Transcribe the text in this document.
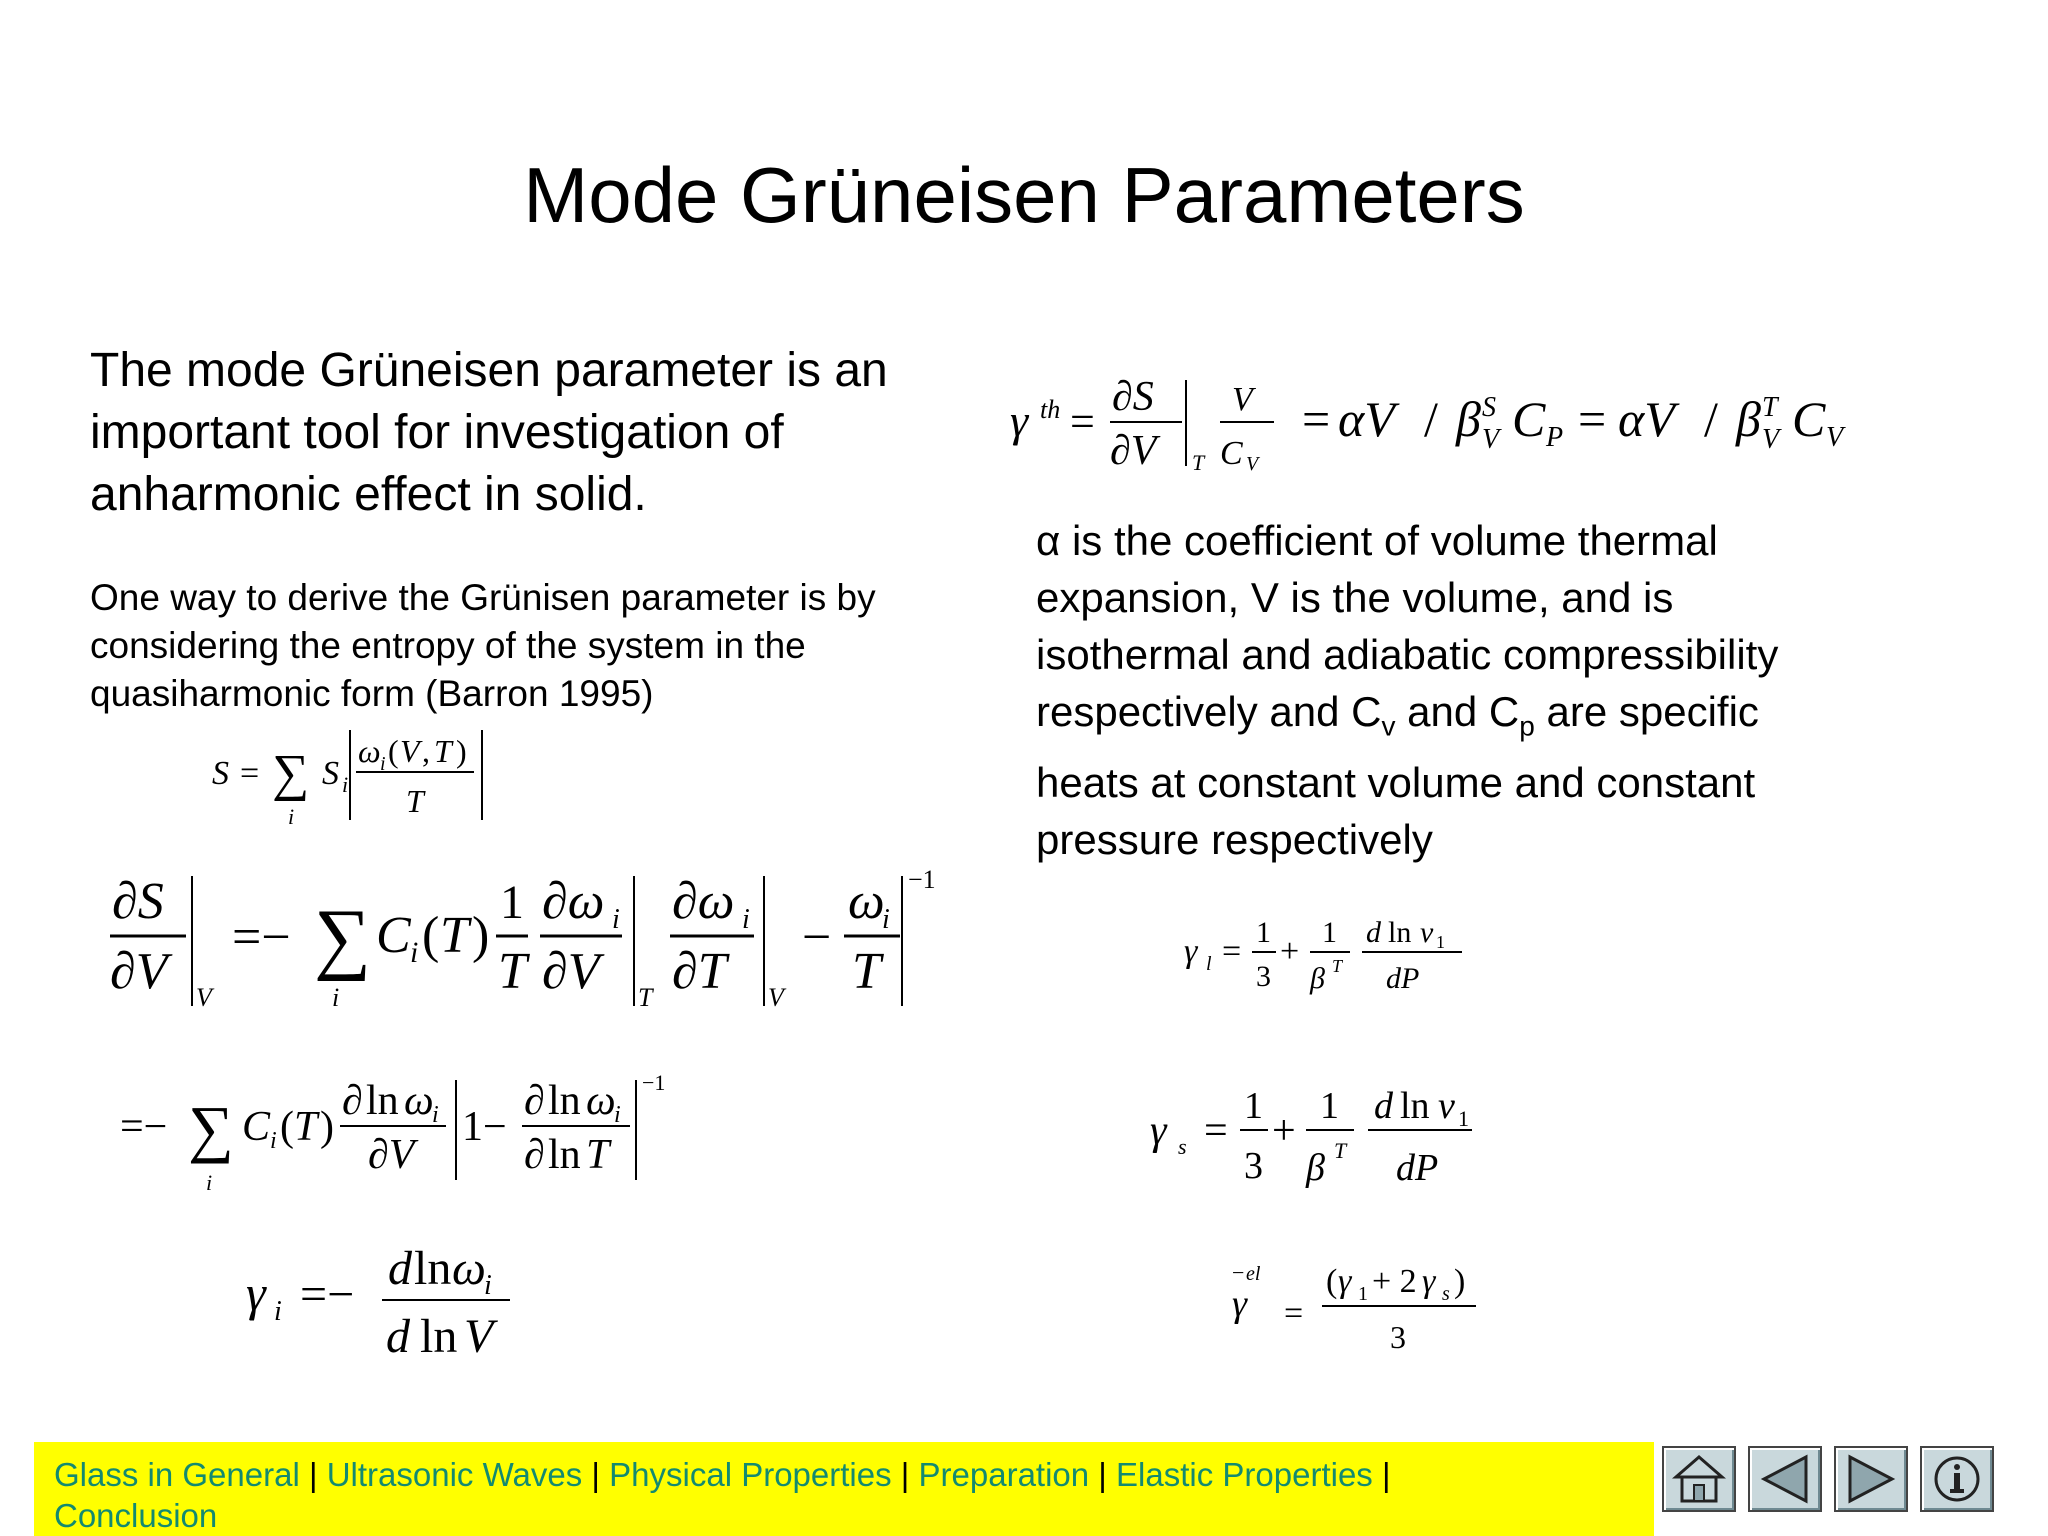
Mode Grüneisen Parameters
The mode Grüneisen parameter is an important tool for investigation of anharmonic effect in solid.
One way to derive the Grünisen parameter is by considering the entropy of the system in the quasiharmonic form (Barron 1995)
S = ∑
i
S i
ω i ( V , T )
T
∂S
∂V V
=− ∑
i
C i ( T )
1
T
∂ω i
∂V T
∂ω i
∂T V
−
ω
i
T
−1
=− ∑
i
C i ( T )
∂ ln ω
i
∂V
1−
∂ ln ω
i
∂ ln T
−1
γ i =− d ln ω
i
d ln V
γ th = ∂S
∂V T
V
C V
= αV / β S
V C P = αV / β T
V C V
α is the coefficient of volume thermal
expansion, V is the volume, and is
isothermal and adiabatic compressibility
respectively and $C_v$ and $C_p$ are specific
heats at constant volume and constant
pressure respectively
γ l =
1
3
+
1
β T
d ln v 1
dP
γ s =
1
3
+
1
β T
d ln v 1
dP
− el
γ =
( γ 1 + 2 γ s )
3
Glass in General | Ultrasonic Waves | Physical Properties | Preparation | Elastic Properties |
Conclusion
